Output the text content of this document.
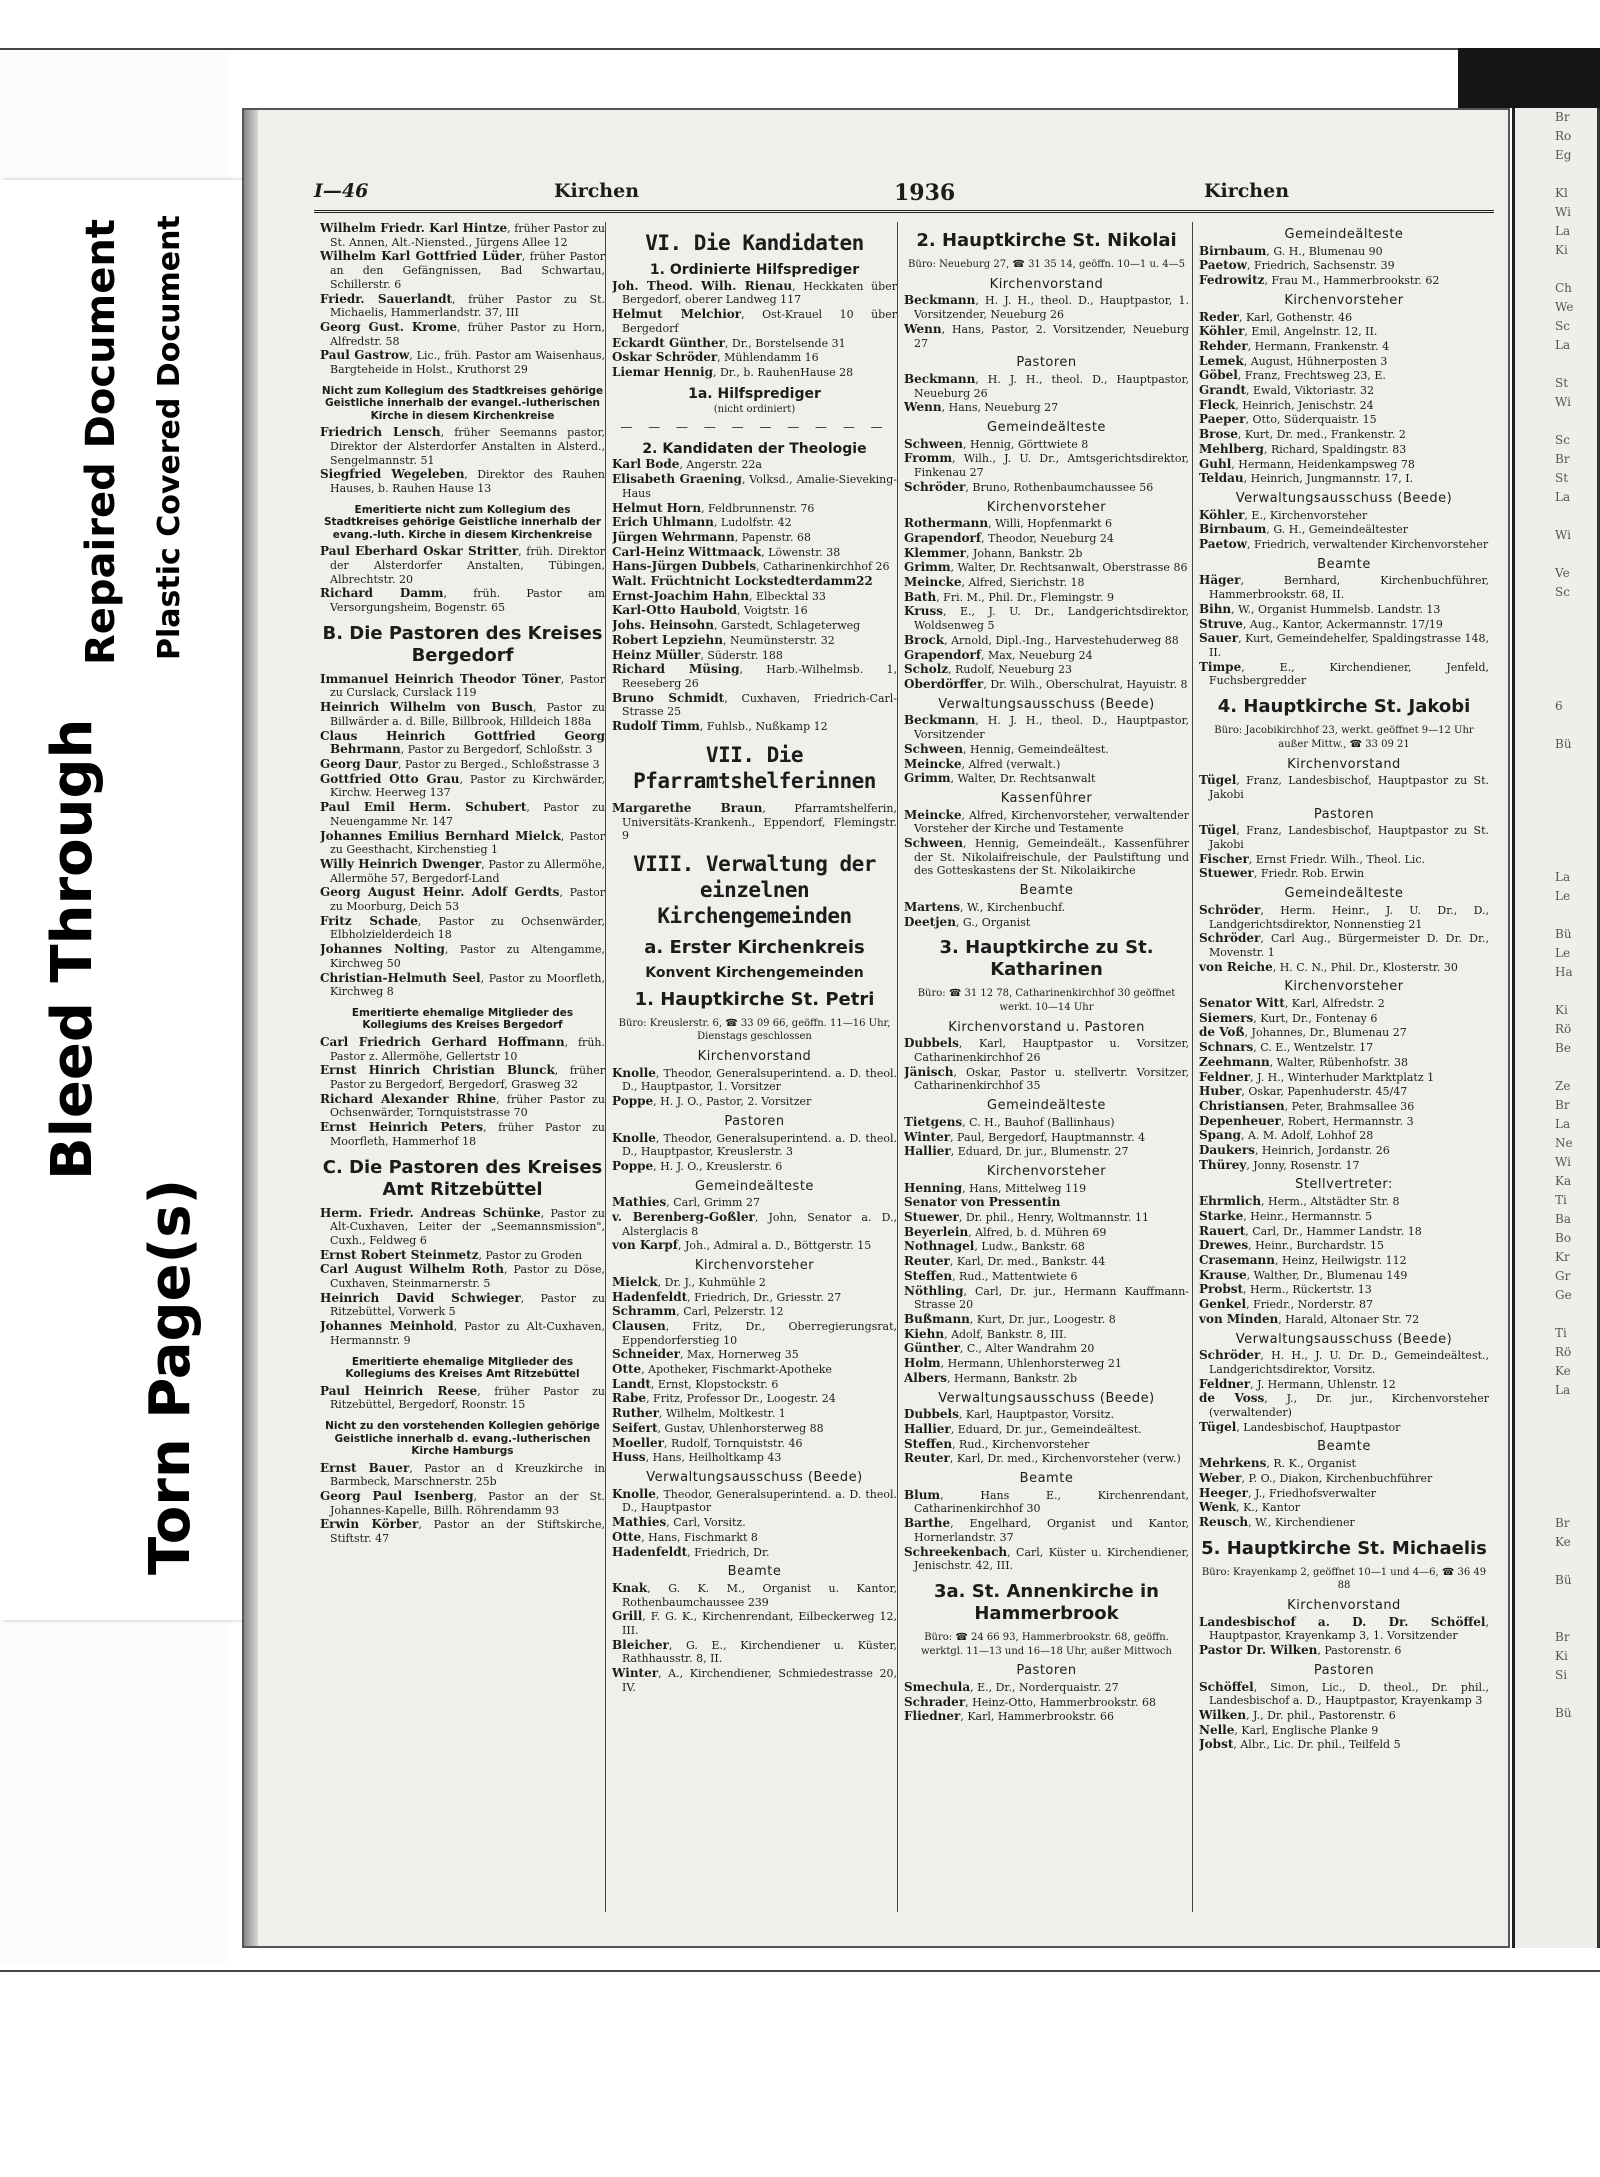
Bleed Through
Repaired Document Plastic Covered Document
Torn Page(s)
I—46	Kirchen	1936	Kirchen
Wilhelm Friedr. Karl Hintze, früher Pastor zu St. Annen, Alt.-Niensted., Jürgens Allee 12
Wilhelm Karl Gottfried Lüder, früher Pastor an den Gefängnissen, Bad Schwartau, Schillerstr. 6
Friedr. Sauerlandt, früher Pastor zu St. Michaelis, Hammerlandstr. 37, III
Georg Gust. Krome, früher Pastor zu Horn, Alfredstr. 58
Paul Gastrow, Lic., früh. Pastor am Waisenhaus, Bargteheide in Holst., Kruthorst 29
Nicht zum Kollegium des Stadtkreises gehörige Geistliche innerhalb der evangel.-lutherischen Kirche in diesem Kirchenkreise
Friedrich Lensch, früher Seemanns pastor, Direktor der Alsterdorfer Anstalten in Alsterd., Sengelmannstr. 51
Siegfried Wegeleben, Direktor des Rauhen Hauses, b. Rauhen Hause 13
Emeritierte nicht zum Kollegium des Stadtkreises gehörige Geistliche innerhalb der evang.-luth. Kirche in diesem Kirchenkreise
Paul Eberhard Oskar Stritter, früh. Direktor der Alsterdorfer Anstalten, Tübingen, Albrechtstr. 20
Richard Damm, früh. Pastor am Versorgungsheim, Bogenstr. 65
B. Die Pastoren des Kreises Bergedorf
Immanuel Heinrich Theodor Töner, Pastor zu Curslack, Curslack 119
Heinrich Wilhelm von Busch, Pastor zu Billwärder a. d. Bille, Billbrook, Hilldeich 188a
Claus Heinrich Gottfried Georg Behrmann, Pastor zu Bergedorf, Schloßstr. 3
Georg Daur, Pastor zu Berged., Schloßstrasse 3
Gottfried Otto Grau, Pastor zu Kirchwärder, Kirchw. Heerweg 137
Paul Emil Herm. Schubert, Pastor zu Neuengamme Nr. 147
Johannes Emilius Bernhard Mielck, Pastor zu Geesthacht, Kirchenstieg 1
Willy Heinrich Dwenger, Pastor zu Allermöhe, Allermöhe 57, Bergedorf-Land
Georg August Heinr. Adolf Gerdts, Pastor zu Moorburg, Deich 53
Fritz Schade, Pastor zu Ochsenwärder, Elbholzielderdeich 18
Johannes Nolting, Pastor zu Altengamme, Kirchweg 50
Christian-Helmuth Seel, Pastor zu Moorfleth, Kirchweg 8
Emeritierte ehemalige Mitglieder des Kollegiums des Kreises Bergedorf
Carl Friedrich Gerhard Hoffmann, früh. Pastor z. Allermöhe, Gellertstr 10
Ernst Hinrich Christian Blunck, früher Pastor zu Bergedorf, Bergedorf, Grasweg 32
Richard Alexander Rhine, früher Pastor zu Ochsenwärder, Tornquiststrasse 70
Ernst Heinrich Peters, früher Pastor zu Moorfleth, Hammerhof 18
C. Die Pastoren des Kreises Amt Ritzebüttel
Herm. Friedr. Andreas Schünke, Pastor zu Alt-Cuxhaven, Leiter der „Seemannsmission", Cuxh., Feldweg 6
Ernst Robert Steinmetz, Pastor zu Groden
Carl August Wilhelm Roth, Pastor zu Döse, Cuxhaven, Steinmarnerstr. 5
Heinrich David Schwieger, Pastor zu Ritzebüttel, Vorwerk 5
Johannes Meinhold, Pastor zu Alt-Cuxhaven, Hermannstr. 9
Emeritierte ehemalige Mitglieder des Kollegiums des Kreises Amt Ritzebüttel
Paul Heinrich Reese, früher Pastor zu Ritzebüttel, Bergedorf, Roonstr. 15
Nicht zu den vorstehenden Kollegien gehörige Geistliche innerhalb d. evang.-lutherischen Kirche Hamburgs
Ernst Bauer, Pastor an d Kreuzkirche in Barmbeck, Marschnerstr. 25b
Georg Paul Isenberg, Pastor an der St. Johannes-Kapelle, Billh. Röhrendamm 93
Erwin Körber, Pastor an der Stiftskirche, Stiftstr. 47
VI. Die Kandidaten
1. Ordinierte Hilfsprediger
Joh. Theod. Wilh. Rienau, Heckkaten über Bergedorf, oberer Landweg 117
Helmut Melchior, Ost-Krauel 10 über Bergedorf
Eckardt Günther, Dr., Borstelsende 31
Oskar Schröder, Mühlendamm 16
Liemar Hennig, Dr., b. RauhenHause 28
1a. Hilfsprediger
(nicht ordiniert)
— — — — — — — — — —
2. Kandidaten der Theologie
Karl Bode, Angerstr. 22a
Elisabeth Graening, Volksd., Amalie-Sieveking-Haus
Helmut Horn, Feldbrunnenstr. 76
Erich Uhlmann, Ludolfstr. 42
Jürgen Wehrmann, Papenstr. 68
Carl-Heinz Wittmaack, Löwenstr. 38
Hans-Jürgen Dubbels, Catharinenkirchhof 26
Walt. Früchtnicht Lockstedterdamm22
Ernst-Joachim Hahn, Elbecktal 33
Karl-Otto Haubold, Voigtstr. 16
Johs. Heinsohn, Garstedt, Schlageterweg
Robert Lepziehn, Neumünsterstr. 32
Heinz Müller, Süderstr. 188
Richard Müsing, Harb.-Wilhelmsb. 1, Reeseberg 26
Bruno Schmidt, Cuxhaven, Friedrich-Carl-Strasse 25
Rudolf Timm, Fuhlsb., Nußkamp 12
VII. Die Pfarramtshelferinnen
Margarethe Braun, Pfarramtshelferin, Universitäts-Krankenh., Eppendorf, Flemingstr. 9
VIII. Verwaltung der einzelnen Kirchengemeinden
a. Erster Kirchenkreis
Konvent Kirchengemeinden
1. Hauptkirche St. Petri
Büro: Kreuslerstr. 6, ☎ 33 09 66, geöffn. 11—16 Uhr, Dienstags geschlossen
Kirchenvorstand
Knolle, Theodor, Generalsuperintend. a. D. theol. D., Hauptpastor, 1. Vorsitzer
Poppe, H. J. O., Pastor, 2. Vorsitzer
Pastoren
Knolle, Theodor, Generalsuperintend. a. D. theol. D., Hauptpastor, Kreuslerstr. 3
Poppe, H. J. O., Kreuslerstr. 6
Gemeindeälteste
Mathies, Carl, Grimm 27
v. Berenberg-Goßler, John, Senator a. D., Alsterglacis 8
von Karpf, Joh., Admiral a. D., Böttgerstr. 15
Kirchenvorsteher
Mielck, Dr. J., Kuhmühle 2
Hadenfeldt, Friedrich, Dr., Griesstr. 27
Schramm, Carl, Pelzerstr. 12
Clausen, Fritz, Dr., Oberregierungsrat, Eppendorferstieg 10
Schneider, Max, Hornerweg 35
Otte, Apotheker, Fischmarkt-Apotheke
Landt, Ernst, Klopstockstr. 6
Rabe, Fritz, Professor Dr., Loogestr. 24
Ruther, Wilhelm, Moltkestr. 1
Seifert, Gustav, Uhlenhorsterweg 88
Moeller, Rudolf, Tornquiststr. 46
Huss, Hans, Heilholtkamp 43
Verwaltungsausschuss (Beede)
Knolle, Theodor, Generalsuperintend. a. D. theol. D., Hauptpastor
Mathies, Carl, Vorsitz.
Otte, Hans, Fischmarkt 8
Hadenfeldt, Friedrich, Dr.
Beamte
Knak, G. K. M., Organist u. Kantor, Rothenbaumchaussee 239
Grill, F. G. K., Kirchenrendant, Eilbeckerweg 12, III.
Bleicher, G. E., Kirchendiener u. Küster, Rathhausstr. 8, II.
Winter, A., Kirchendiener, Schmiedestrasse 20, IV.
2. Hauptkirche St. Nikolai
Büro: Neueburg 27, ☎ 31 35 14, geöffn. 10—1 u. 4—5
Kirchenvorstand
Beckmann, H. J. H., theol. D., Hauptpastor, 1. Vorsitzender, Neueburg 26
Wenn, Hans, Pastor, 2. Vorsitzender, Neueburg 27
Pastoren
Beckmann, H. J. H., theol. D., Hauptpastor, Neueburg 26
Wenn, Hans, Neueburg 27
Gemeindeälteste
Schween, Hennig, Görttwiete 8
Fromm, Wilh., J. U. Dr., Amtsgerichtsdirektor, Finkenau 27
Schröder, Bruno, Rothenbaumchaussee 56
Kirchenvorsteher
Rothermann, Willi, Hopfenmarkt 6
Grapendorf, Theodor, Neueburg 24
Klemmer, Johann, Bankstr. 2b
Grimm, Walter, Dr. Rechtsanwalt, Oberstrasse 86
Meincke, Alfred, Sierichstr. 18
Bath, Fri. M., Phil. Dr., Flemingstr. 9
Kruss, E., J. U. Dr., Landgerichtsdirektor, Woldsenweg 5
Brock, Arnold, Dipl.-Ing., Harvestehuderweg 88
Grapendorf, Max, Neueburg 24
Scholz, Rudolf, Neueburg 23
Oberdörffer, Dr. Wilh., Oberschulrat, Hayuistr. 8
Verwaltungsausschuss (Beede)
Beckmann, H. J. H., theol. D., Hauptpastor, Vorsitzender
Schween, Hennig, Gemeindeältest.
Meincke, Alfred (verwalt.)
Grimm, Walter, Dr. Rechtsanwalt
Kassenführer
Meincke, Alfred, Kirchenvorsteher, verwaltender Vorsteher der Kirche und Testamente
Schween, Hennig, Gemeindeält., Kassenführer der St. Nikolaifreischule, der Paulstiftung und des Gotteskastens der St. Nikolaikirche
Beamte
Martens, W., Kirchenbuchf.
Deetjen, G., Organist
3. Hauptkirche zu St. Katharinen
Büro: ☎ 31 12 78, Catharinenkirchhof 30 geöffnet werkt. 10—14 Uhr
Kirchenvorstand u. Pastoren
Dubbels, Karl, Hauptpastor u. Vorsitzer, Catharinenkirchhof 26
Jänisch, Oskar, Pastor u. stellvertr. Vorsitzer, Catharinenkirchhof 35
Gemeindeälteste
Tietgens, C. H., Bauhof (Ballinhaus)
Winter, Paul, Bergedorf, Hauptmannstr. 4
Hallier, Eduard, Dr. jur., Blumenstr. 27
Kirchenvorsteher
Henning, Hans, Mittelweg 119
Senator von Pressentin
Stuewer, Dr. phil., Henry, Woltmannstr. 11
Beyerlein, Alfred, b. d. Mühren 69
Nothnagel, Ludw., Bankstr. 68
Reuter, Karl, Dr. med., Bankstr. 44
Steffen, Rud., Mattentwiete 6
Nöthling, Carl, Dr. jur., Hermann Kauffmann-Strasse 20
Bußmann, Kurt, Dr. jur., Loogestr. 8
Kiehn, Adolf, Bankstr. 8, III.
Günther, C., Alter Wandrahm 20
Holm, Hermann, Uhlenhorsterweg 21
Albers, Hermann, Bankstr. 2b
Verwaltungsausschuss (Beede)
Dubbels, Karl, Hauptpastor, Vorsitz.
Hallier, Eduard, Dr. jur., Gemeindeältest.
Steffen, Rud., Kirchenvorsteher
Reuter, Karl, Dr. med., Kirchenvorsteher (verw.)
Beamte
Blum, Hans E., Kirchenrendant, Catharinenkirchhof 30
Barthe, Engelhard, Organist und Kantor, Hornerlandstr. 37
Schreekenbach, Carl, Küster u. Kirchendiener, Jenischstr. 42, III.
3a. St. Annenkirche in Hammerbrook
Büro: ☎ 24 66 93, Hammerbrookstr. 68, geöffn. werktgl. 11—13 und 16—18 Uhr, außer Mittwoch
Pastoren
Smechula, E., Dr., Norderquaistr. 27
Schrader, Heinz-Otto, Hammerbrookstr. 68
Fliedner, Karl, Hammerbrookstr. 66
Gemeindeälteste
Birnbaum, G. H., Blumenau 90
Paetow, Friedrich, Sachsenstr. 39
Fedrowitz, Frau M., Hammerbrookstr. 62
Kirchenvorsteher
Reder, Karl, Gothenstr. 46
Köhler, Emil, Angelnstr. 12, II.
Rehder, Hermann, Frankenstr. 4
Lemek, August, Hühnerposten 3
Göbel, Franz, Frechtsweg 23, E.
Grandt, Ewald, Viktoriastr. 32
Fleck, Heinrich, Jenischstr. 24
Paeper, Otto, Süderquaistr. 15
Brose, Kurt, Dr. med., Frankenstr. 2
Mehlberg, Richard, Spaldingstr. 83
Guhl, Hermann, Heidenkampsweg 78
Teldau, Heinrich, Jungmannstr. 17, I.
Verwaltungsausschuss (Beede)
Köhler, E., Kirchenvorsteher
Birnbaum, G. H., Gemeindeältester
Paetow, Friedrich, verwaltender Kirchenvorsteher
Beamte
Häger, Bernhard, Kirchenbuchführer, Hammerbrookstr. 68, II.
Bihn, W., Organist Hummelsb. Landstr. 13
Struve, Aug., Kantor, Ackermannstr. 17/19
Sauer, Kurt, Gemeindehelfer, Spaldingstrasse 148, II.
Timpe, E., Kirchendiener, Jenfeld, Fuchsbergredder
4. Hauptkirche St. Jakobi
Büro: Jacobikirchhof 23, werkt. geöffnet 9—12 Uhr außer Mittw., ☎ 33 09 21
Kirchenvorstand
Tügel, Franz, Landesbischof, Hauptpastor zu St. Jakobi
Pastoren
Tügel, Franz, Landesbischof, Hauptpastor zu St. Jakobi
Fischer, Ernst Friedr. Wilh., Theol. Lic.
Stuewer, Friedr. Rob. Erwin
Gemeindeälteste
Schröder, Herm. Heinr., J. U. Dr., D., Landgerichtsdirektor, Nonnenstieg 21
Schröder, Carl Aug., Bürgermeister D. Dr. Dr., Movenstr. 1
von Reiche, H. C. N., Phil. Dr., Klosterstr. 30
Kirchenvorsteher
Senator Witt, Karl, Alfredstr. 2
Siemers, Kurt, Dr., Fontenay 6
de Voß, Johannes, Dr., Blumenau 27
Schnars, C. E., Wentzelstr. 17
Zeehmann, Walter, Rübenhofstr. 38
Feldner, J. H., Winterhuder Marktplatz 1
Huber, Oskar, Papenhuderstr. 45/47
Christiansen, Peter, Brahmsallee 36
Depenheuer, Robert, Hermannstr. 3
Spang, A. M. Adolf, Lohhof 28
Daukers, Heinrich, Jordanstr. 26
Thürey, Jonny, Rosenstr. 17
Stellvertreter:
Ehrmlich, Herm., Altstädter Str. 8
Starke, Heinr., Hermannstr. 5
Rauert, Carl, Dr., Hammer Landstr. 18
Drewes, Heinr., Burchardstr. 15
Crasemann, Heinz, Heilwigstr. 112
Krause, Walther, Dr., Blumenau 149
Probst, Herm., Rückertstr. 13
Genkel, Friedr., Norderstr. 87
von Minden, Harald, Altonaer Str. 72
Verwaltungsausschuss (Beede)
Schröder, H. H., J. U. Dr. D., Gemeindeältest., Landgerichtsdirektor, Vorsitz.
Feldner, J. Hermann, Uhlenstr. 12
de Voss, J., Dr. jur., Kirchenvorsteher (verwaltender)
Tügel, Landesbischof, Hauptpastor
Beamte
Mehrkens, R. K., Organist
Weber, P. O., Diakon, Kirchenbuchführer
Heeger, J., Friedhofsverwalter
Wenk, K., Kantor
Reusch, W., Kirchendiener
5. Hauptkirche St. Michaelis
Büro: Krayenkamp 2, geöffnet 10—1 und 4—6, ☎ 36 49 88
Kirchenvorstand
Landesbischof a. D. Dr. Schöffel, Hauptpastor, Krayenkamp 3, 1. Vorsitzender
Pastor Dr. Wilken, Pastorenstr. 6
Pastoren
Schöffel, Simon, Lic., D. theol., Dr. phil., Landesbischof a. D., Hauptpastor, Krayenkamp 3
Wilken, J., Dr. phil., Pastorenstr. 6
Nelle, Karl, Englische Planke 9
Jobst, Albr., Lic. Dr. phil., Teilfeld 5
Br
Ro
Eg

Kl
Wi
La
Ki

Ch
We
Sc
La

St
Wi

Sc
Br
St
La

Wi

Ve
Sc

6

Bü

La
Le

Bü
Le
Ha

Ki
Rö
Be

Ze
Br
La
Ne
Wi
Ka
Ti
Ba
Bo
Kr
Gr
Ge

Ti
Rö
Ke
La

Br
Ke

Bü

Br
Ki
Si

Bü
